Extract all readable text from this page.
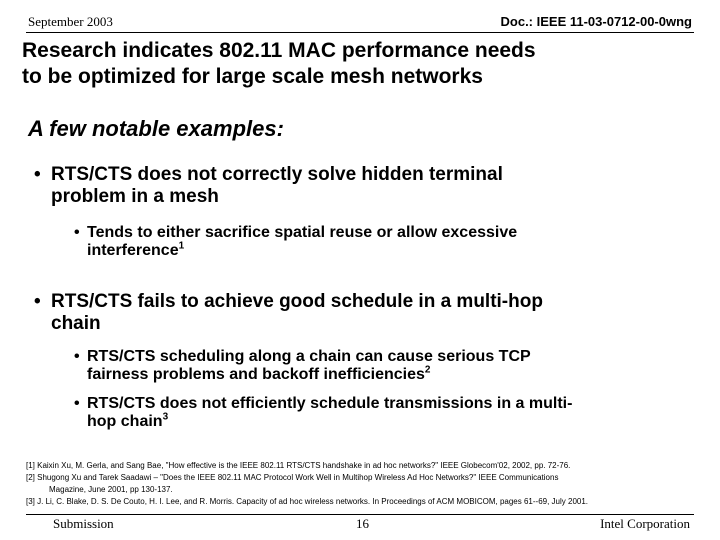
September 2003	Doc.: IEEE 11-03-0712-00-0wng
Research indicates 802.11 MAC performance needs
to be optimized for large scale mesh networks
A few notable examples:
• RTS/CTS does not correctly solve hidden terminal
problem in a mesh
• Tends to either sacrifice spatial reuse or allow excessive
interference$^1$
• RTS/CTS fails to achieve good schedule in a multi-hop
chain
• RTS/CTS scheduling along a chain can cause serious TCP
fairness problems and backoff inefficiencies$^2$
• RTS/CTS does not efficiently schedule transmissions in a multi-
hop chain$^3$
[1] Kaixin Xu, M. Gerla, and Sang Bae, "How effective is the IEEE 802.11 RTS/CTS handshake in ad hoc networks?" IEEE Globecom'02, 2002, pp. 72-76.
[2] Shugong Xu and Tarek Saadawi – "Does the IEEE 802.11 MAC Protocol Work Well in Multihop Wireless Ad Hoc Networks?" IEEE Communications
Magazine, June 2001, pp 130-137.
[3] J. Li, C. Blake, D. S. De Couto, H. I. Lee, and R. Morris. Capacity of ad hoc wireless networks. In Proceedings of ACM MOBICOM, pages 61--69, July 2001.
Submission	16	Intel Corporation
